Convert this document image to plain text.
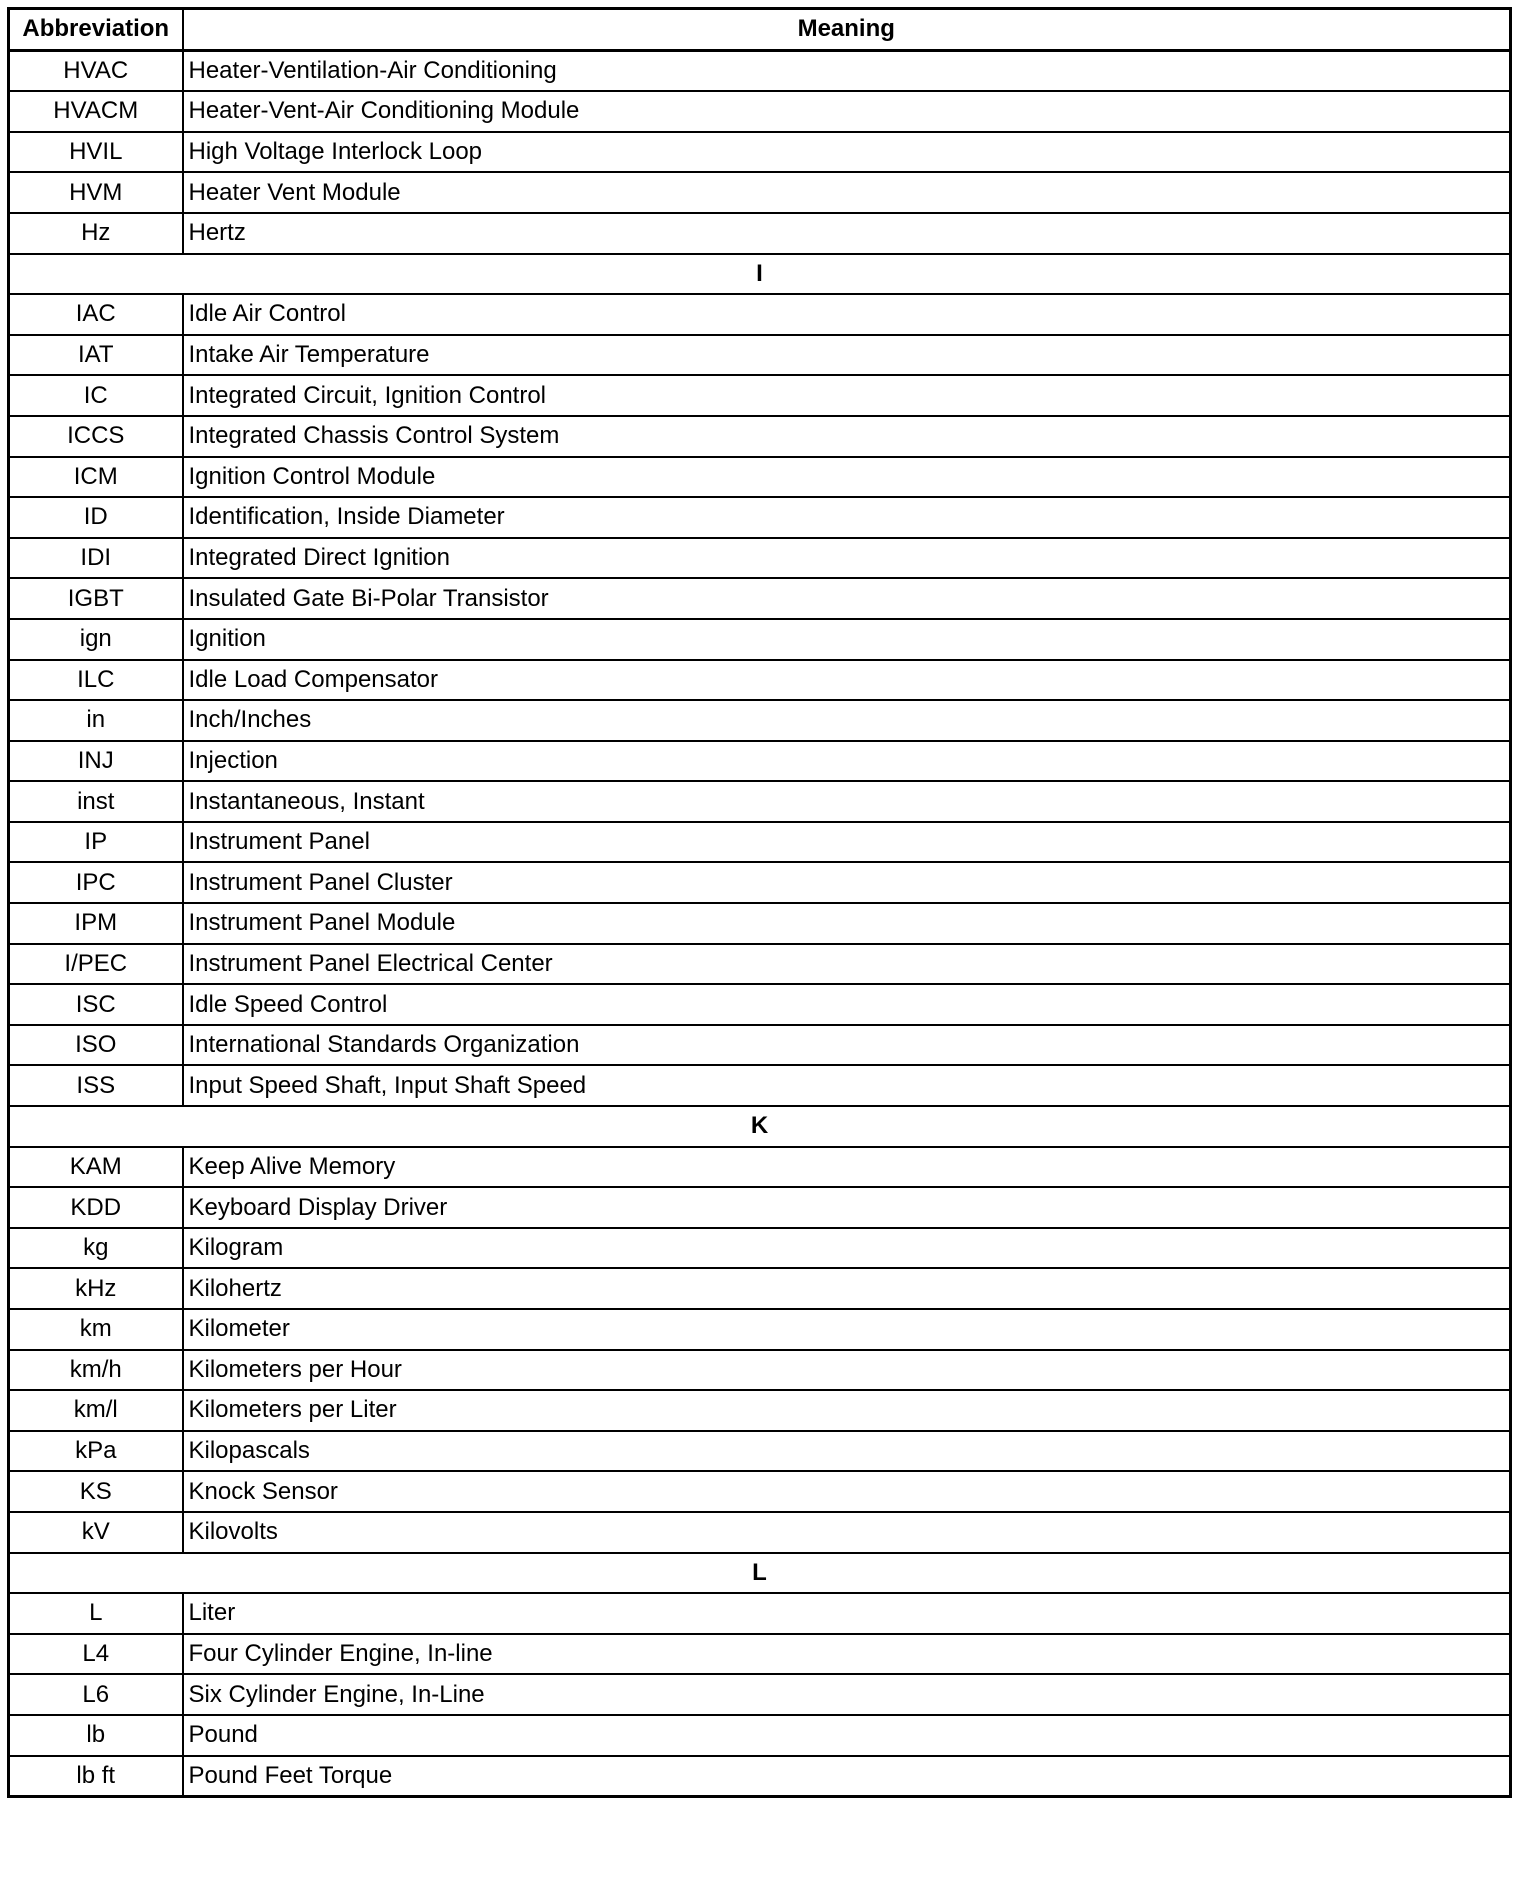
Abbreviation	Meaning
HVAC	Heater-Ventilation-Air Conditioning
HVACM	Heater-Vent-Air Conditioning Module
HVIL	High Voltage Interlock Loop
HVM	Heater Vent Module
Hz	Hertz
I	
IAC	Idle Air Control
IAT	Intake Air Temperature
IC	Integrated Circuit, Ignition Control
ICCS	Integrated Chassis Control System
ICM	Ignition Control Module
ID	Identification, Inside Diameter
IDI	Integrated Direct Ignition
IGBT	Insulated Gate Bi-Polar Transistor
ign	Ignition
ILC	Idle Load Compensator
in	Inch/Inches
INJ	Injection
inst	Instantaneous, Instant
IP	Instrument Panel
IPC	Instrument Panel Cluster
IPM	Instrument Panel Module
I/PEC	Instrument Panel Electrical Center
ISC	Idle Speed Control
ISO	International Standards Organization
ISS	Input Speed Shaft, Input Shaft Speed
K	
KAM	Keep Alive Memory
KDD	Keyboard Display Driver
kg	Kilogram
kHz	Kilohertz
km	Kilometer
km/h	Kilometers per Hour
km/l	Kilometers per Liter
kPa	Kilopascals
KS	Knock Sensor
kV	Kilovolts
L	
L	Liter
L4	Four Cylinder Engine, In-line
L6	Six Cylinder Engine, In-Line
lb	Pound
lb ft	Pound Feet Torque
